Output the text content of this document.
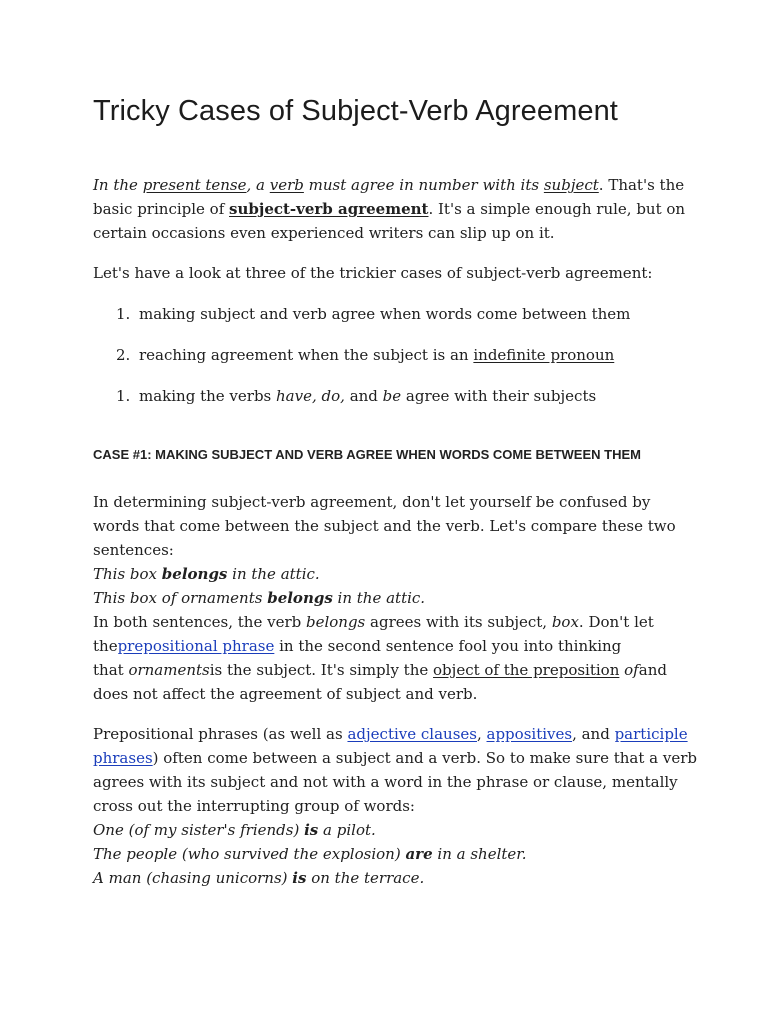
Tricky Cases of Subject-Verb Agreement
In the present tense, a verb must agree in number with its subject. That's the
basic principle of subject-verb agreement. It's a simple enough rule, but on
certain occasions even experienced writers can slip up on it.
Let's have a look at three of the trickier cases of subject-verb agreement:
1. making subject and verb agree when words come between them
2. reaching agreement when the subject is an indefinite pronoun
1. making the verbs have, do, and be agree with their subjects
CASE #1: MAKING SUBJECT AND VERB AGREE WHEN WORDS COME BETWEEN THEM
In determining subject-verb agreement, don't let yourself be confused by
words that come between the subject and the verb. Let's compare these two
sentences:
This box belongs in the attic.
This box of ornaments belongs in the attic.
In both sentences, the verb belongs agrees with its subject, box. Don't let
theprepositional phrase in the second sentence fool you into thinking
that ornamentsis the subject. It's simply the object of the preposition ofand
does not affect the agreement of subject and verb.
Prepositional phrases (as well as adjective clauses, appositives, and participle
phrases) often come between a subject and a verb. So to make sure that a verb
agrees with its subject and not with a word in the phrase or clause, mentally
cross out the interrupting group of words:
One (of my sister's friends) is a pilot.
The people (who survived the explosion) are in a shelter.
A man (chasing unicorns) is on the terrace.
